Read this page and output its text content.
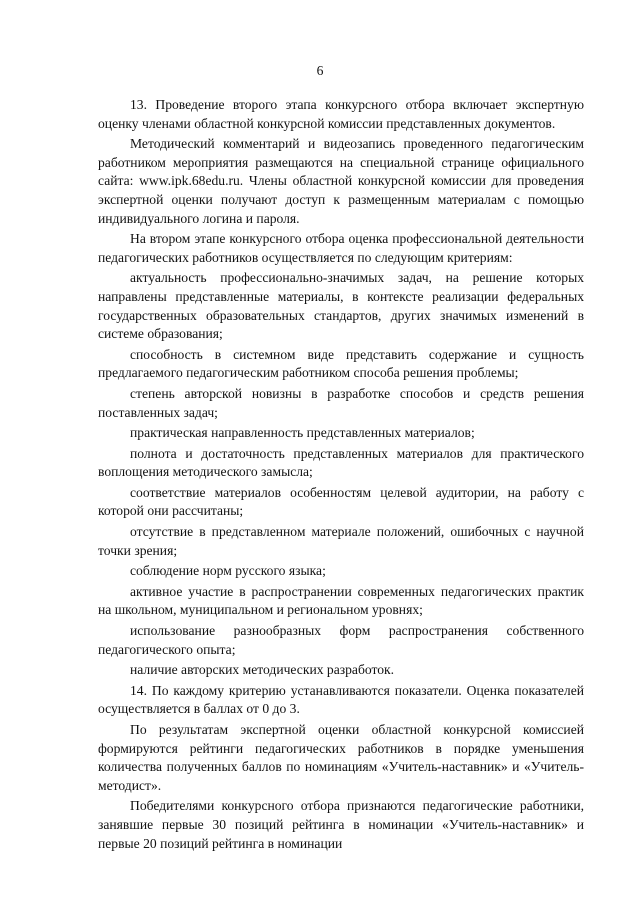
6

13. Проведение второго этапа конкурсного отбора включает экспертную оценку членами областной конкурсной комиссии представленных документов.

Методический комментарий и видеозапись проведенного педагогическим работником мероприятия размещаются на специальной странице официального сайта: www.ipk.68edu.ru. Члены областной конкурсной комиссии для проведения экспертной оценки получают доступ к размещенным материалам с помощью индивидуального логина и пароля.

На втором этапе конкурсного отбора оценка профессиональной деятельности педагогических работников осуществляется по следующим критериям:

актуальность профессионально-значимых задач, на решение которых направлены представленные материалы, в контексте реализации федеральных государственных образовательных стандартов, других значимых изменений в системе образования;

способность в системном виде представить содержание и сущность предлагаемого педагогическим работником способа решения проблемы;

степень авторской новизны в разработке способов и средств решения поставленных задач;

практическая направленность представленных материалов;

полнота и достаточность представленных материалов для практического воплощения методического замысла;

соответствие материалов особенностям целевой аудитории, на работу с которой они рассчитаны;

отсутствие в представленном материале положений, ошибочных с научной точки зрения;

соблюдение норм русского языка;

активное участие в распространении современных педагогических практик на школьном, муниципальном и региональном уровнях;

использование разнообразных форм распространения собственного педагогического опыта;

наличие авторских методических разработок.

14. По каждому критерию устанавливаются показатели. Оценка показателей осуществляется в баллах от 0 до 3.

По результатам экспертной оценки областной конкурсной комиссией формируются рейтинги педагогических работников в порядке уменьшения количества полученных баллов по номинациям «Учитель-наставник» и «Учитель-методист».

Победителями конкурсного отбора признаются педагогические работники, занявшие первые 30 позиций рейтинга в номинации «Учитель-наставник» и первые 20 позиций рейтинга в номинации
